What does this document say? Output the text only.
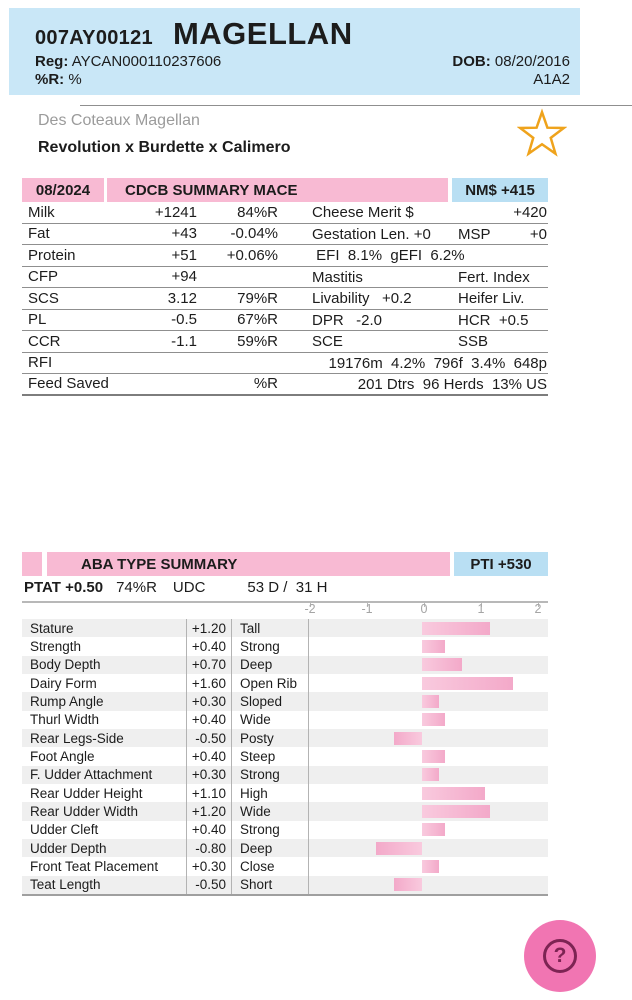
007AY00121 MAGELLAN
Reg: AYCAN000110237606	DOB: 08/20/2016
%R: %	A1A2
Des Coteaux Magellan
Revolution x Burdette x Calimero
08/2024	CDCB SUMMARY MACE	NM$ +415
Milk	+1241	84%R Cheese Merit $	+420
Fat	+43	-0.04% Gestation Len. +0 MSP	+0
Protein	+51	+0.06% EFI  8.1%  gEFI  6.2%
CFP	+94	Mastitis	Fert. Index
SCS	3.12	79%R Livability   +0.2	Heifer Liv.
PL	-0.5	67%R DPR   -2.0	HCR  +0.5
CCR	-1.1	59%R SCE	SSB
RFI	19176m  4.2%  796f  3.4%  648p
Feed Saved	%R	201 Dtrs  96 Herds  13% US
ABA TYPE SUMMARY	PTI +530
PTAT +0.50 74%R UDC	53 D /  31 H
-2	-1	0	1	2
Stature	+1.20	Tall
Strength	+0.40	Strong
Body Depth	+0.70	Deep
Dairy Form	+1.60	Open Rib
Rump Angle	+0.30	Sloped
Thurl Width	+0.40	Wide
Rear Legs-Side	-0.50	Posty
Foot Angle	+0.40	Steep
F. Udder Attachment	+0.30	Strong
Rear Udder Height	+1.10	High
Rear Udder Width	+1.20	Wide
Udder Cleft	+0.40	Strong
Udder Depth	-0.80	Deep
Front Teat Placement	+0.30	Close
Teat Length	-0.50	Short
?
